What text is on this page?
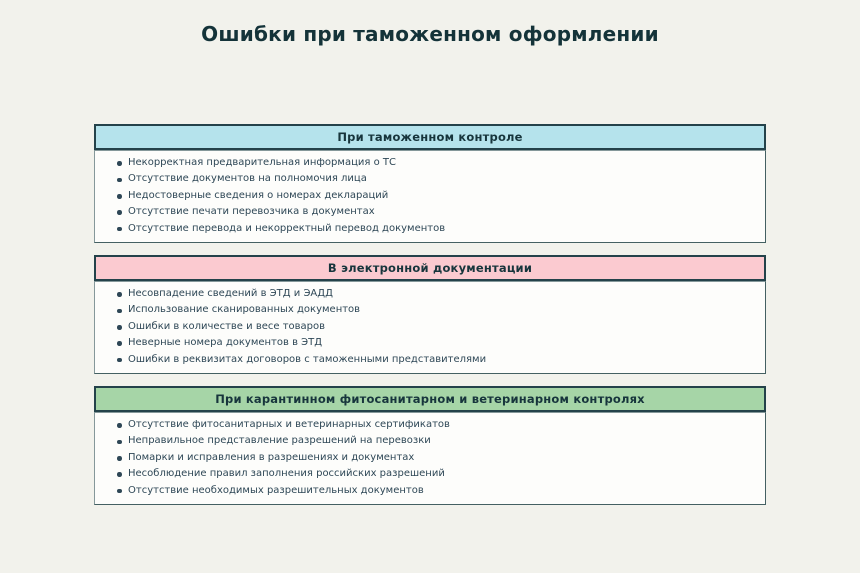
Ошибки при таможенном оформлении
При таможенном контроле
Некорректная предварительная информация о ТС
Отсутствие документов на полномочия лица
Недостоверные сведения о номерах деклараций
Отсутствие печати перевозчика в документах
Отсутствие перевода и некорректный перевод документов
В электронной документации
Несовпадение сведений в ЭТД и ЭАДД
Использование сканированных документов
Ошибки в количестве и весе товаров
Неверные номера документов в ЭТД
Ошибки в реквизитах договоров с таможенными представителями
При карантинном фитосанитарном и ветеринарном контролях
Отсутствие фитосанитарных и ветеринарных сертификатов
Неправильное представление разрешений на перевозки
Помарки и исправления в разрешениях и документах
Несоблюдение правил заполнения российских разрешений
Отсутствие необходимых разрешительных документов
